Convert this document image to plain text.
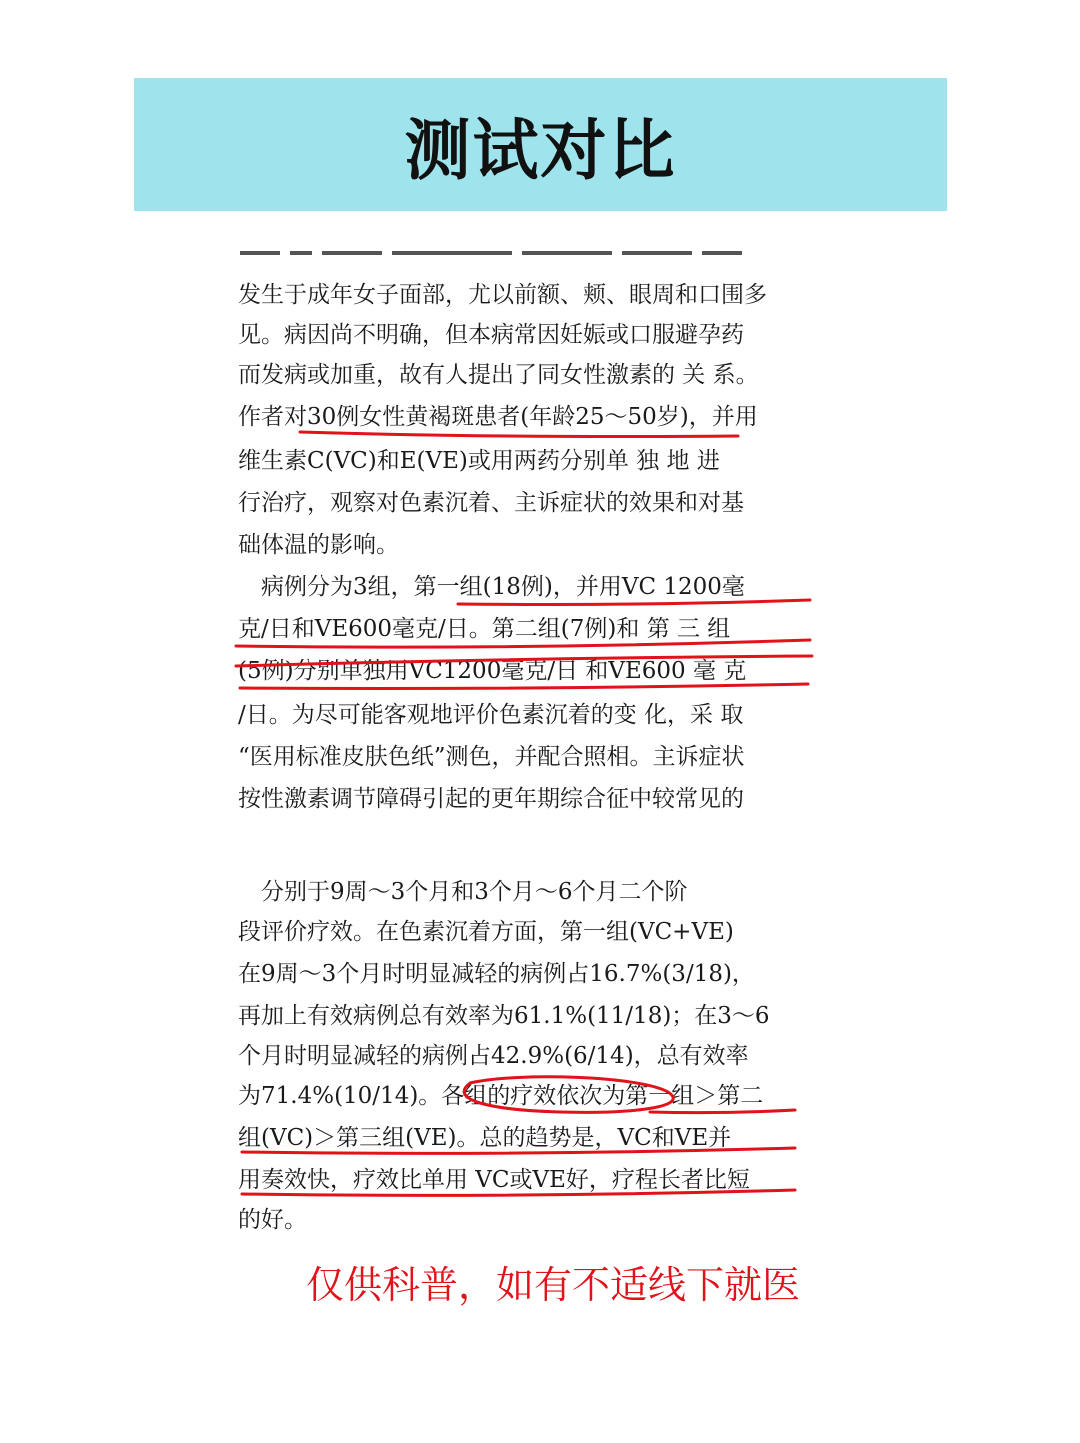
测试对比
发生于成年女子面部，尤以前额、颊、眼周和口围多
见。病因尚不明确，但本病常因妊娠或口服避孕药
而发病或加重，故有人提出了同女性激素的 关 系。
作者对30例女性黄褐斑患者(年龄25～50岁)，并用
维生素C(VC)和E(VE)或用两药分别单 独 地 进
行治疗，观察对色素沉着、主诉症状的效果和对基
础体温的影响。
　病例分为3组，第一组(18例)，并用VC 1200毫
克/日和VE600毫克/日。第二组(7例)和 第 三 组
(5例)分别单独用VC1200毫克/日 和VE600 毫 克
/日。为尽可能客观地评价色素沉着的变 化，采 取
“医用标准皮肤色纸”测色，并配合照相。主诉症状
按性激素调节障碍引起的更年期综合征中较常见的
　分别于9周～3个月和3个月～6个月二个阶
段评价疗效。在色素沉着方面，第一组(VC+VE)
在9周～3个月时明显减轻的病例占16.7%(3/18)，
再加上有效病例总有效率为61.1%(11/18)；在3～6
个月时明显减轻的病例占42.9%(6/14)，总有效率
为71.4%(10/14)。各组的疗效依次为第一组＞第二
组(VC)＞第三组(VE)。总的趋势是，VC和VE并
用奏效快，疗效比单用 VC或VE好，疗程长者比短
的好。
仅供科普，如有不适线下就医
